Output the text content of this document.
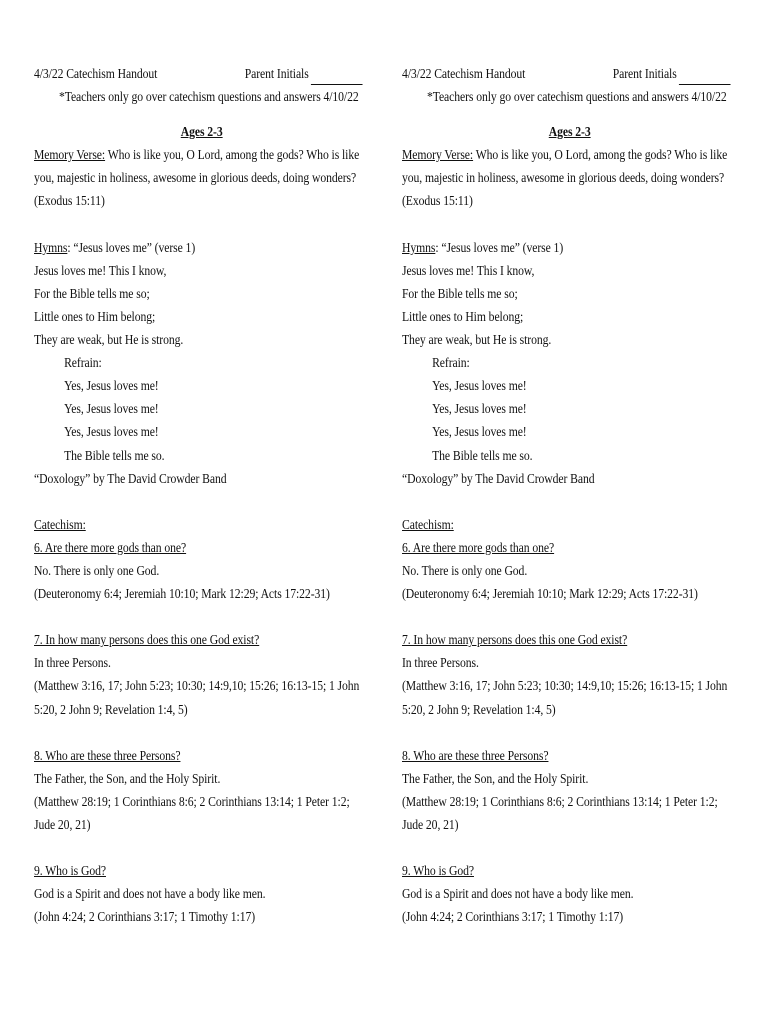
4/3/22 Catechism Handout	Parent Initials
*Teachers only go over catechism questions and answers 4/10/22
Ages 2-3
Memory Verse: Who is like you, O Lord, among the gods? Who is like
you, majestic in holiness, awesome in glorious deeds, doing wonders?
(Exodus 15:11)
Hymns: “Jesus loves me” (verse 1)
Jesus loves me! This I know,
For the Bible tells me so;
Little ones to Him belong;
They are weak, but He is strong.
Refrain:
Yes, Jesus loves me!
Yes, Jesus loves me!
Yes, Jesus loves me!
The Bible tells me so.
“Doxology” by The David Crowder Band
Catechism:
6. Are there more gods than one?
No. There is only one God.
(Deuteronomy 6:4; Jeremiah 10:10; Mark 12:29; Acts 17:22-31)
7. In how many persons does this one God exist?
In three Persons.
(Matthew 3:16, 17; John 5:23; 10:30; 14:9,10; 15:26; 16:13-15; 1 John
5:20, 2 John 9; Revelation 1:4, 5)
8. Who are these three Persons?
The Father, the Son, and the Holy Spirit.
(Matthew 28:19; 1 Corinthians 8:6; 2 Corinthians 13:14; 1 Peter 1:2;
Jude 20, 21)
9. Who is God?
God is a Spirit and does not have a body like men.
(John 4:24; 2 Corinthians 3:17; 1 Timothy 1:17)
4/3/22 Catechism Handout	Parent Initials
*Teachers only go over catechism questions and answers 4/10/22
Ages 2-3
Memory Verse: Who is like you, O Lord, among the gods? Who is like
you, majestic in holiness, awesome in glorious deeds, doing wonders?
(Exodus 15:11)
Hymns: “Jesus loves me” (verse 1)
Jesus loves me! This I know,
For the Bible tells me so;
Little ones to Him belong;
They are weak, but He is strong.
Refrain:
Yes, Jesus loves me!
Yes, Jesus loves me!
Yes, Jesus loves me!
The Bible tells me so.
“Doxology” by The David Crowder Band
Catechism:
6. Are there more gods than one?
No. There is only one God.
(Deuteronomy 6:4; Jeremiah 10:10; Mark 12:29; Acts 17:22-31)
7. In how many persons does this one God exist?
In three Persons.
(Matthew 3:16, 17; John 5:23; 10:30; 14:9,10; 15:26; 16:13-15; 1 John
5:20, 2 John 9; Revelation 1:4, 5)
8. Who are these three Persons?
The Father, the Son, and the Holy Spirit.
(Matthew 28:19; 1 Corinthians 8:6; 2 Corinthians 13:14; 1 Peter 1:2;
Jude 20, 21)
9. Who is God?
God is a Spirit and does not have a body like men.
(John 4:24; 2 Corinthians 3:17; 1 Timothy 1:17)
